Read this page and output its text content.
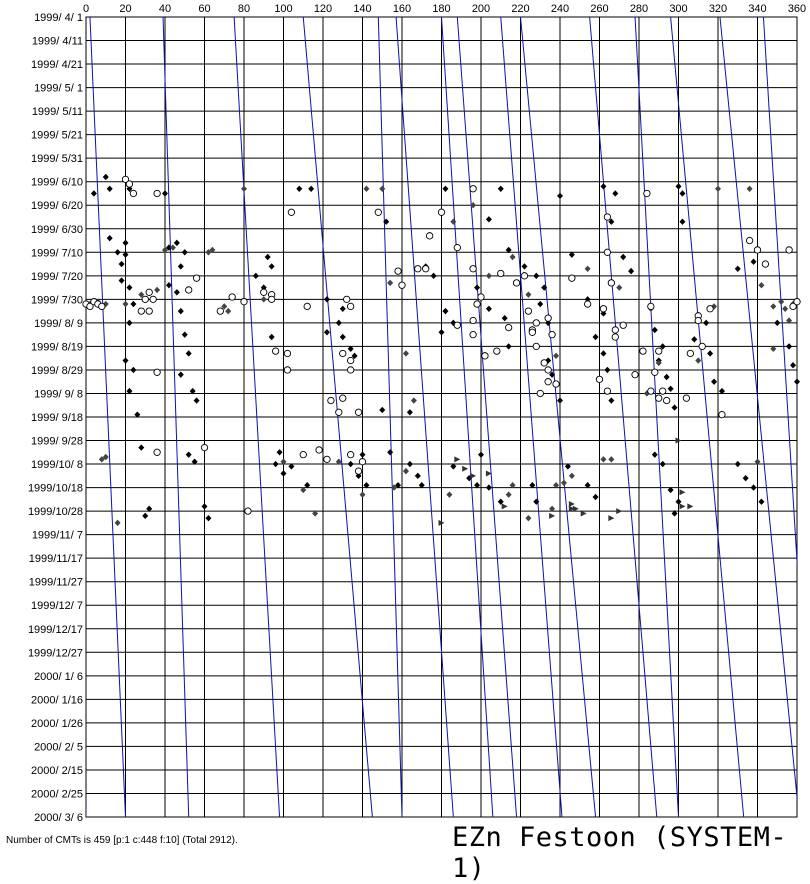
0	20 40 60 80 100 120 140 160 180 200 220 240 260 280 300 320 340 360
1999/ 4/ 1
1999/ 4/11
1999/ 4/21
1999/ 5/ 1
1999/ 5/11
1999/ 5/21
1999/ 5/31
1999/ 6/10
1999/ 6/20
1999/ 6/30
1999/ 7/10
1999/ 7/20
1999/ 7/30
1999/ 8/ 9
1999/ 8/19
1999/ 8/29
1999/ 9/ 8
1999/ 9/18
1999/ 9/28
1999/10/ 8
1999/10/18
1999/10/28
1999/11/ 7
1999/11/17
1999/11/27
1999/12/ 7
1999/12/17
1999/12/27
2000/ 1/ 6
2000/ 1/16
2000/ 1/26
2000/ 2/ 5
2000/ 2/15
2000/ 2/25
2000/ 3/ 6
Number of CMTs is 459 [p:1 c:448 f:10] (Total 2912).	EZn Festoon (SYSTEM-1)
